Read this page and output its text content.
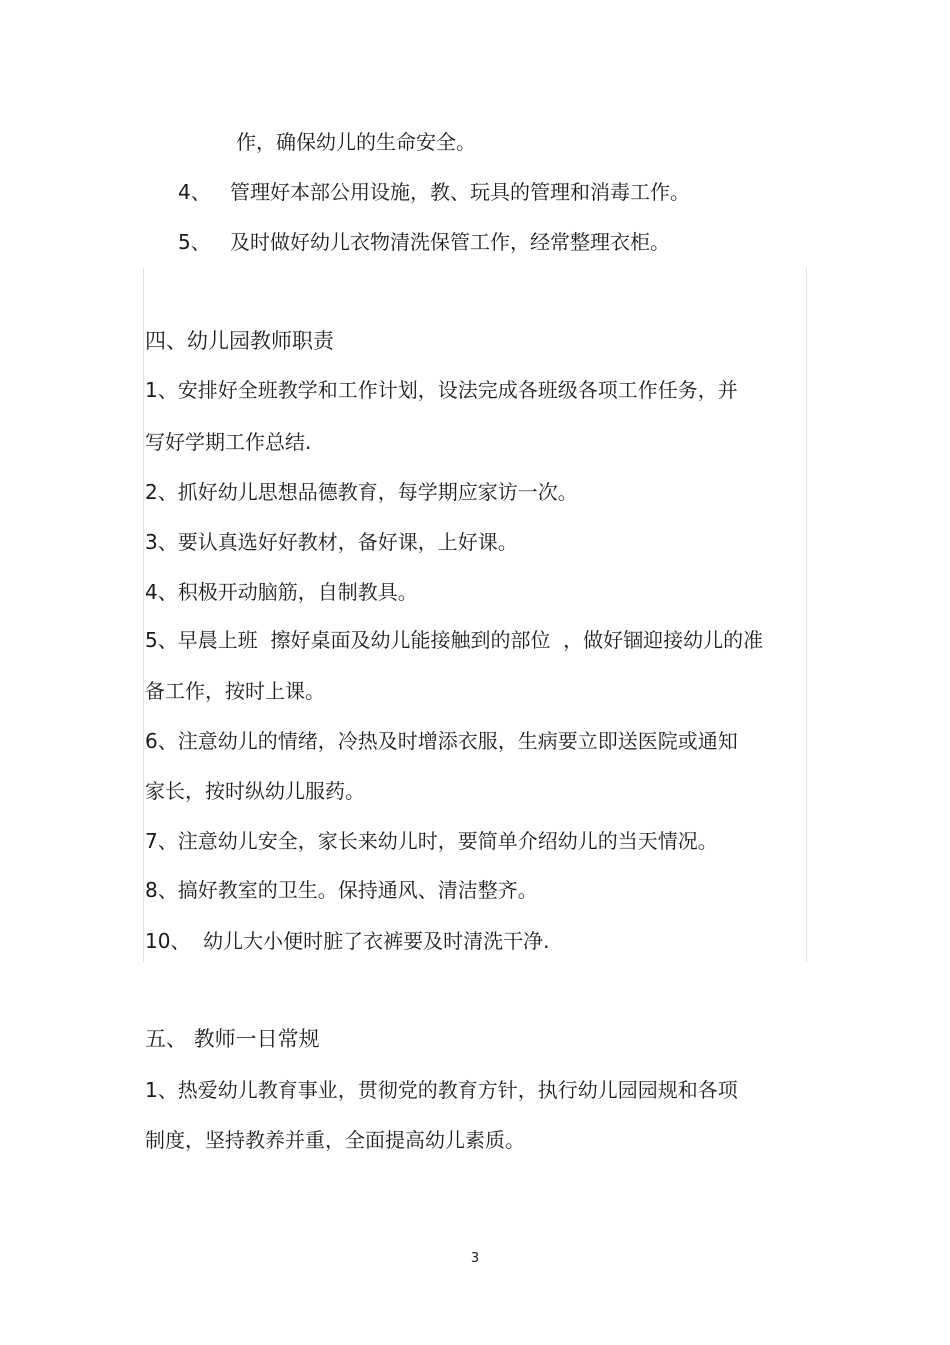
作，确保幼儿的生命安全。
4、 管理好本部公用设施，教、玩具的管理和消毒工作。
5、 及时做好幼儿衣物清洗保管工作，经常整理衣柜。
四、幼儿园教师职责
1、安排好全班教学和工作计划，设法完成各班级各项工作任务，并
写好学期工作总结.
2、抓好幼儿思想品德教育，每学期应家访一次。
3、要认真选好好教材，备好课，上好课。
4、积极开动脑筋，自制教具。
5、早晨上班  擦好桌面及幼儿能接触到的部位  ，做好锢迎接幼儿的准
备工作，按时上课。
6、注意幼儿的情绪，冷热及时增添衣服，生病要立即送医院或通知
家长，按时纵幼儿服药。
7、注意幼儿安全，家长来幼儿时，要简单介绍幼儿的当天情况。
8、搞好教室的卫生。保持通风、清洁整齐。
10、  幼儿大小便时脏了衣裤要及时清洗干净.
五、 教师一日常规
1、热爱幼儿教育事业，贯彻党的教育方针，执行幼儿园园规和各项
制度，坚持教养并重，全面提高幼儿素质。
3
